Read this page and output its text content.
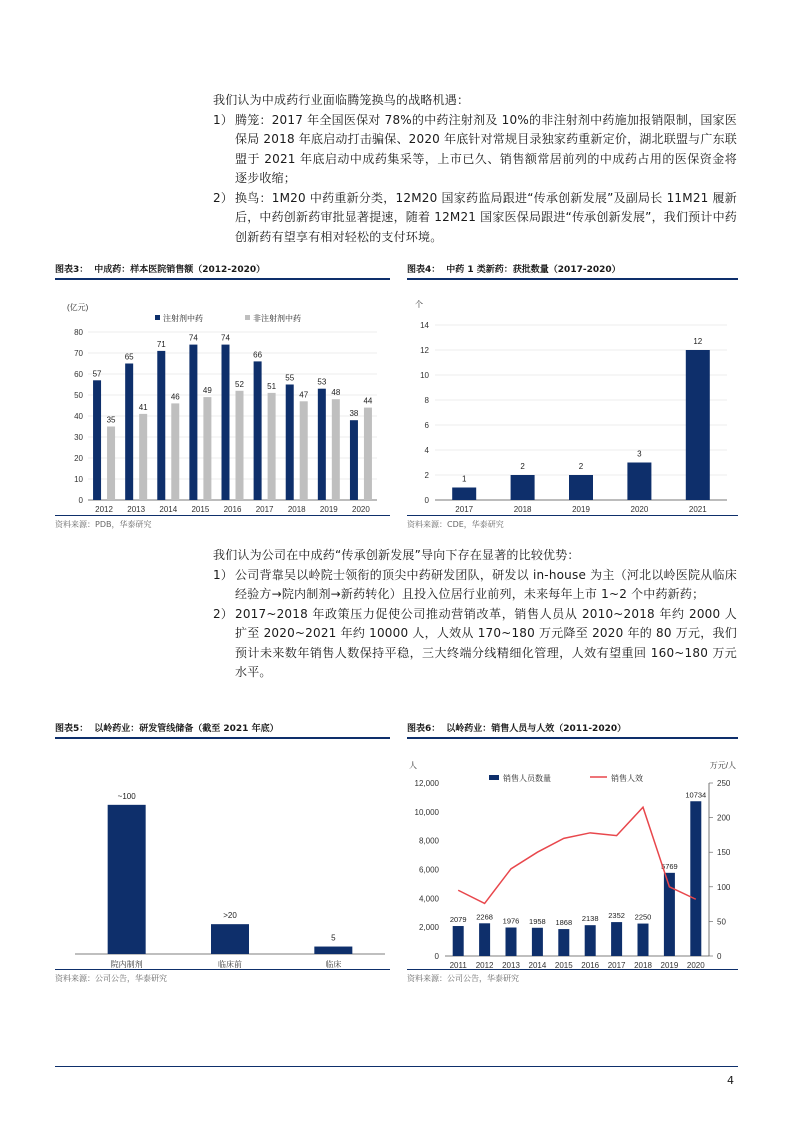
我们认为中成药行业面临腾笼换鸟的战略机遇：

1） 腾笼：2017 年全国医保对 78%的中药注射剂及 10%的非注射剂中药施加报销限制，国家医保局 2018 年底启动打击骗保、2020 年底针对常规目录独家药重新定价，湖北联盟与广东联盟于 2021 年底启动中成药集采等，上市已久、销售额常居前列的中成药占用的医保资金将逐步收缩；
2） 换鸟：1M20 中药重新分类，12M20 国家药监局跟进“传承创新发展”及副局长 11M21 履新后，中药创新药审批显著提速，随着 12M21 国家医保局跟进“传承创新发展”，我们预计中药创新药有望享有相对轻松的支付环境。
图表3： 中成药：样本医院销售额（2012-2020）
(亿元)
0
10
20
30
40
50
60
70
80
2012
57
35
2013
65
41
2014
71
46
2015
74
49
2016
74
52
2017
66
51
2018
55
47
2019
53
48
2020
38
44
注射剂中药	非注射剂中药
资料来源：PDB，华泰研究
图表4： 中药 1 类新药：获批数量（2017-2020）
个
0
2
4
6
8
10
12
14
1
2017
2
2018
2
2019
3
2020
12
2021
资料来源：CDE，华泰研究

我们认为公司在中成药“传承创新发展”导向下存在显著的比较优势：

1） 公司背靠吴以岭院士领衔的顶尖中药研发团队，研发以 in-house 为主（河北以岭医院从临床经验方→院内制剂→新药转化）且投入位居行业前列，未来每年上市 1~2 个中药新药；
2） 2017~2018 年政策压力促使公司推动营销改革，销售人员从 2010~2018 年约 2000 人扩至 2020~2021 年约 10000 人，人效从 170~180 万元降至 2020 年的 80 万元，我们预计未来数年销售人数保持平稳，三大终端分线精细化管理，人效有望重回 160~180 万元水平。
图表5： 以岭药业：研发管线储备（截至 2021 年底）
~100
院内制剂
>20
临床前
5
临床
资料来源：公司公告，华泰研究
图表6： 以岭药业：销售人员与人效（2011-2020）
人	万元/人
0
2,000
4,000
6,000
8,000
10,000
12,000
0
50
100
150
200
250
2079
2011
2268
2012
1976
2013
1958
2014
1868
2015
2138
2016
2352
2017
2250
2018
5769
2019
10734
2020
销售人员数量	销售人效
资料来源：公司公告，华泰研究
4
